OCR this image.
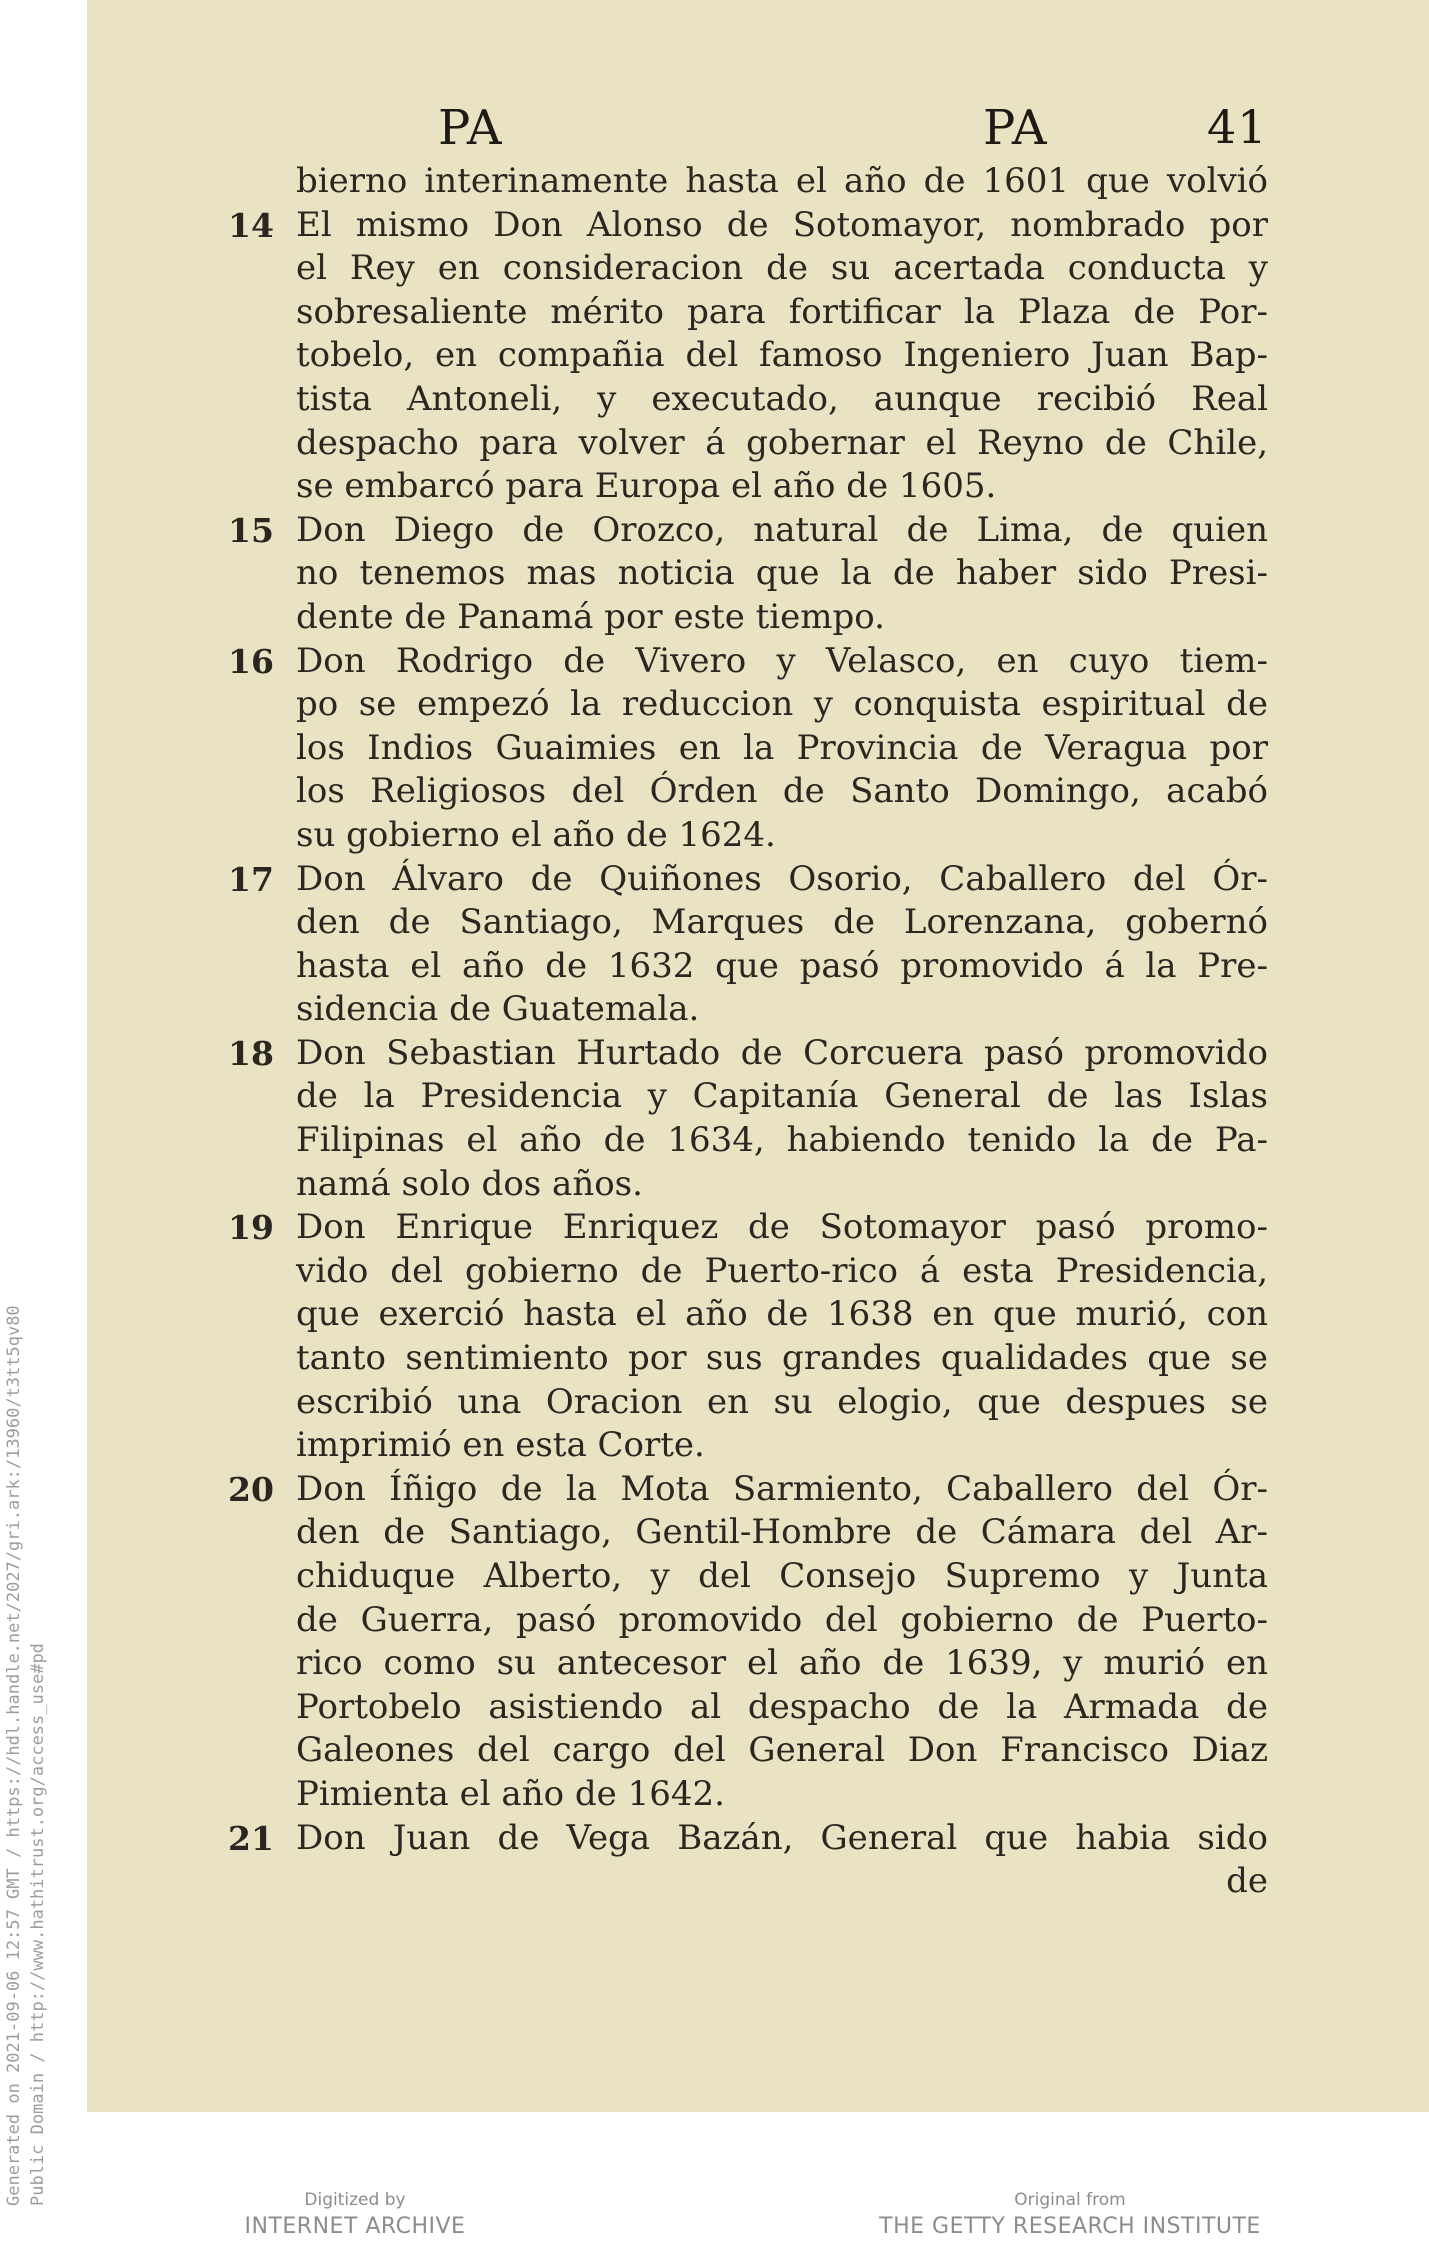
PA	PA	41
bierno interinamente hasta el año de 1601 que volvió
14 El mismo Don Alonso de Sotomayor, nombrado por
el Rey en consideracion de su acertada conducta y
sobresaliente mérito para fortificar la Plaza de Por-
tobelo, en compañia del famoso Ingeniero Juan Bap-
tista Antoneli, y executado, aunque recibió Real
despacho para volver á gobernar el Reyno de Chile,
se embarcó para Europa el año de 1605.
15 Don Diego de Orozco, natural de Lima, de quien
no tenemos mas noticia que la de haber sido Presi-
dente de Panamá por este tiempo.
16 Don Rodrigo de Vivero y Velasco, en cuyo tiem-
po se empezó la reduccion y conquista espiritual de
los Indios Guaimies en la Provincia de Veragua por
los Religiosos del Órden de Santo Domingo, acabó
su gobierno el año de 1624.
17 Don Álvaro de Quiñones Osorio, Caballero del Ór-
den de Santiago, Marques de Lorenzana, gobernó
hasta el año de 1632 que pasó promovido á la Pre-
sidencia de Guatemala.
18 Don Sebastian Hurtado de Corcuera pasó promovido
de la Presidencia y Capitanía General de las Islas
Filipinas el año de 1634, habiendo tenido la de Pa-
namá solo dos años.
19 Don Enrique Enriquez de Sotomayor pasó promo-
vido del gobierno de Puerto-rico á esta Presidencia,
que exerció hasta el año de 1638 en que murió, con
tanto sentimiento por sus grandes qualidades que se
escribió una Oracion en su elogio, que despues se
imprimió en esta Corte.
20 Don Íñigo de la Mota Sarmiento, Caballero del Ór-
den de Santiago, Gentil-Hombre de Cámara del Ar-
chiduque Alberto, y del Consejo Supremo y Junta
de Guerra, pasó promovido del gobierno de Puerto-
rico como su antecesor el año de 1639, y murió en
Portobelo asistiendo al despacho de la Armada de
Galeones del cargo del General Don Francisco Diaz
Pimienta el año de 1642.
21 Don Juan de Vega Bazán, General que habia sido
de
Generated on 2021-09-06 12:57 GMT / https://hdl.handle.net/2027/gri.ark:/13960/t3tt5qv80 Public Domain / http://www.hathitrust.org/access_use#pd	Digitized by
INTERNET ARCHIVE
Original from
THE GETTY RESEARCH INSTITUTE
